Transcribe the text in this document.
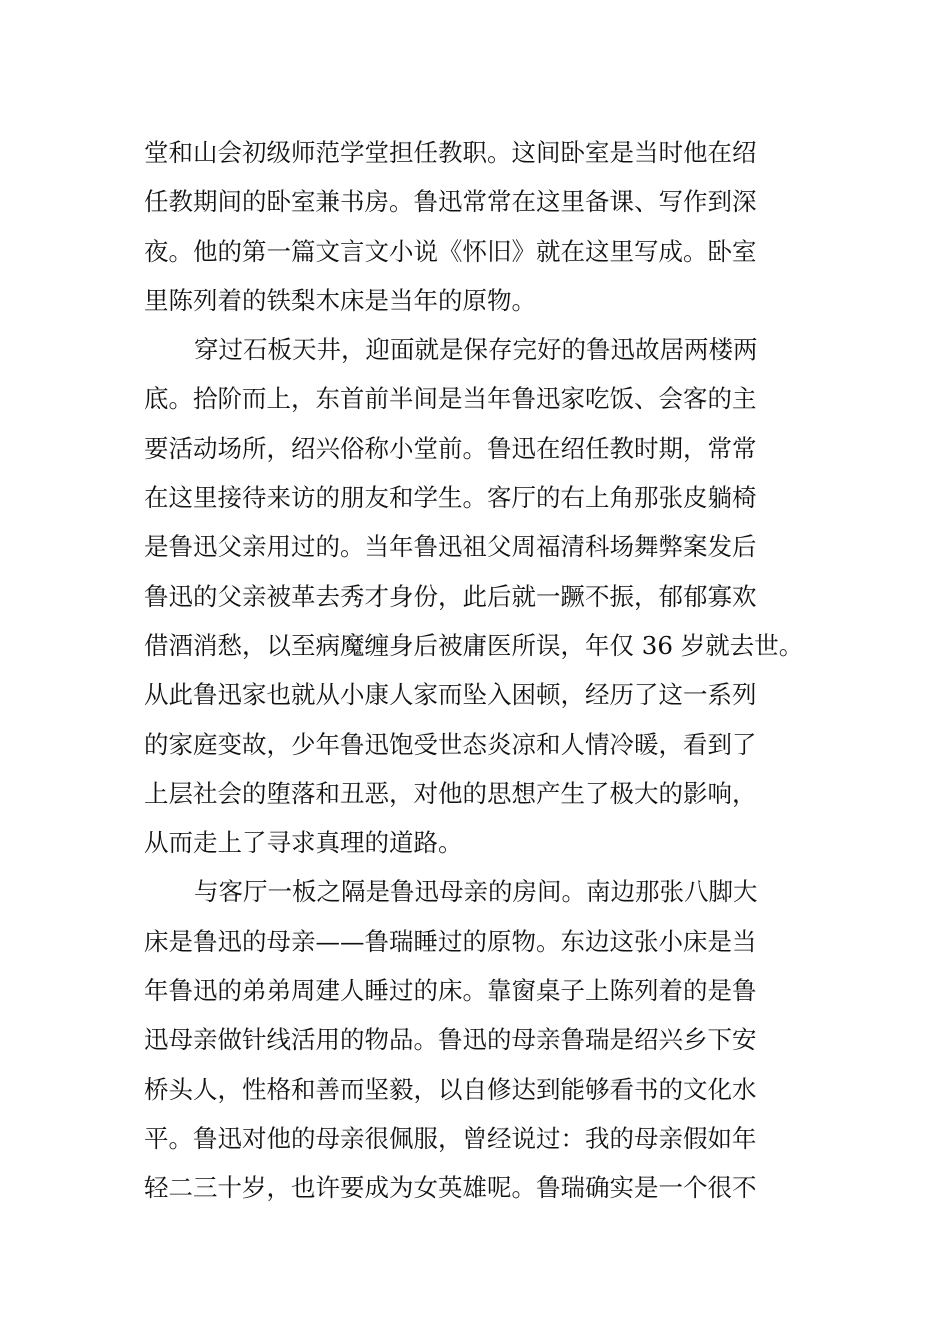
堂和山会初级师范学堂担任教职。这间卧室是当时他在绍
任教期间的卧室兼书房。鲁迅常常在这里备课、写作到深
夜。他的第一篇文言文小说《怀旧》就在这里写成。卧室
里陈列着的铁梨木床是当年的原物。
穿过石板天井，迎面就是保存完好的鲁迅故居两楼两
底。拾阶而上，东首前半间是当年鲁迅家吃饭、会客的主
要活动场所，绍兴俗称小堂前。鲁迅在绍任教时期，常常
在这里接待来访的朋友和学生。客厅的右上角那张皮躺椅
是鲁迅父亲用过的。当年鲁迅祖父周福清科场舞弊案发后
鲁迅的父亲被革去秀才身份，此后就一蹶不振，郁郁寡欢
借酒消愁，以至病魔缠身后被庸医所误，年仅 36 岁就去世。
从此鲁迅家也就从小康人家而坠入困顿，经历了这一系列
的家庭变故，少年鲁迅饱受世态炎凉和人情冷暖，看到了
上层社会的堕落和丑恶，对他的思想产生了极大的影响，
从而走上了寻求真理的道路。
与客厅一板之隔是鲁迅母亲的房间。南边那张八脚大
床是鲁迅的母亲——鲁瑞睡过的原物。东边这张小床是当
年鲁迅的弟弟周建人睡过的床。靠窗桌子上陈列着的是鲁
迅母亲做针线活用的物品。鲁迅的母亲鲁瑞是绍兴乡下安
桥头人，性格和善而坚毅，以自修达到能够看书的文化水
平。鲁迅对他的母亲很佩服，曾经说过：我的母亲假如年
轻二三十岁，也许要成为女英雄呢。鲁瑞确实是一个很不
